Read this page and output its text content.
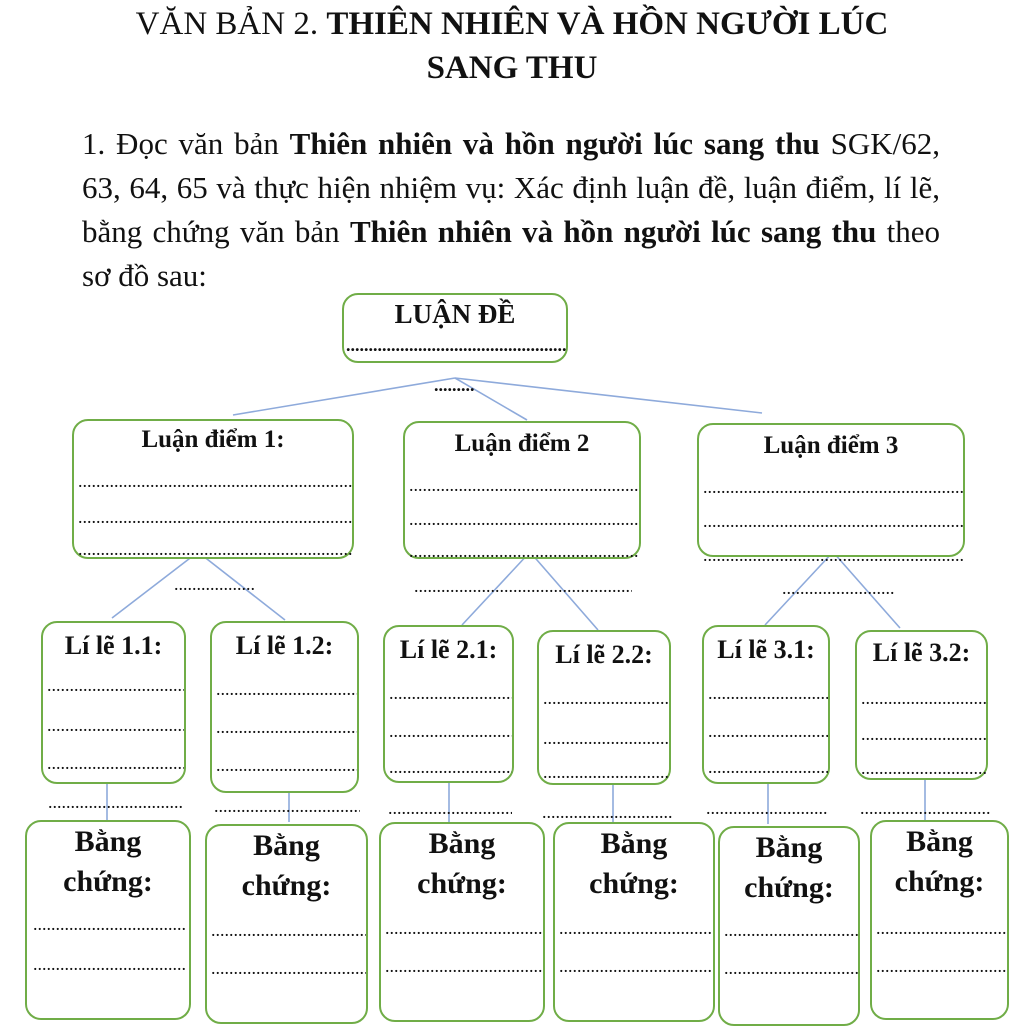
VĂN BẢN 2. THIÊN NHIÊN VÀ HỒN NGƯỜI LÚC
SANG THU
1. Đọc văn bản Thiên nhiên và hồn người lúc sang thu SGK/62, 63, 64, 65 và thực hiện nhiệm vụ: Xác định luận đề, luận điểm, lí lẽ, bằng chứng văn bản Thiên nhiên và hồn người lúc sang thu theo sơ đồ sau:
LUẬN ĐỀ
.....
.....
Luận điểm 1:
.....
.....
.....
.....	Luận điểm 2
.....
.....
.....
.....	Luận điểm 3
.....
.....
.....
.....
Lí lẽ 1.1:
.....
.....
.....
.....	Lí lẽ 1.2:
.....
.....
.....
.....	Lí lẽ 2.1:
.....
.....
.....
.....	Lí lẽ 2.2:
.....
.....
.....
.....	Lí lẽ 3.1:
.....
.....
.....
.....	Lí lẽ 3.2:
.....
.....
.....
.....
Bằng
chứng:
.....
.....
Bằng
chứng:
.....
.....
Bằng
chứng:
.....
.....
Bằng
chứng:
.....
.....
Bằng
chứng:
.....
.....
Bằng
chứng:
.....
.....
